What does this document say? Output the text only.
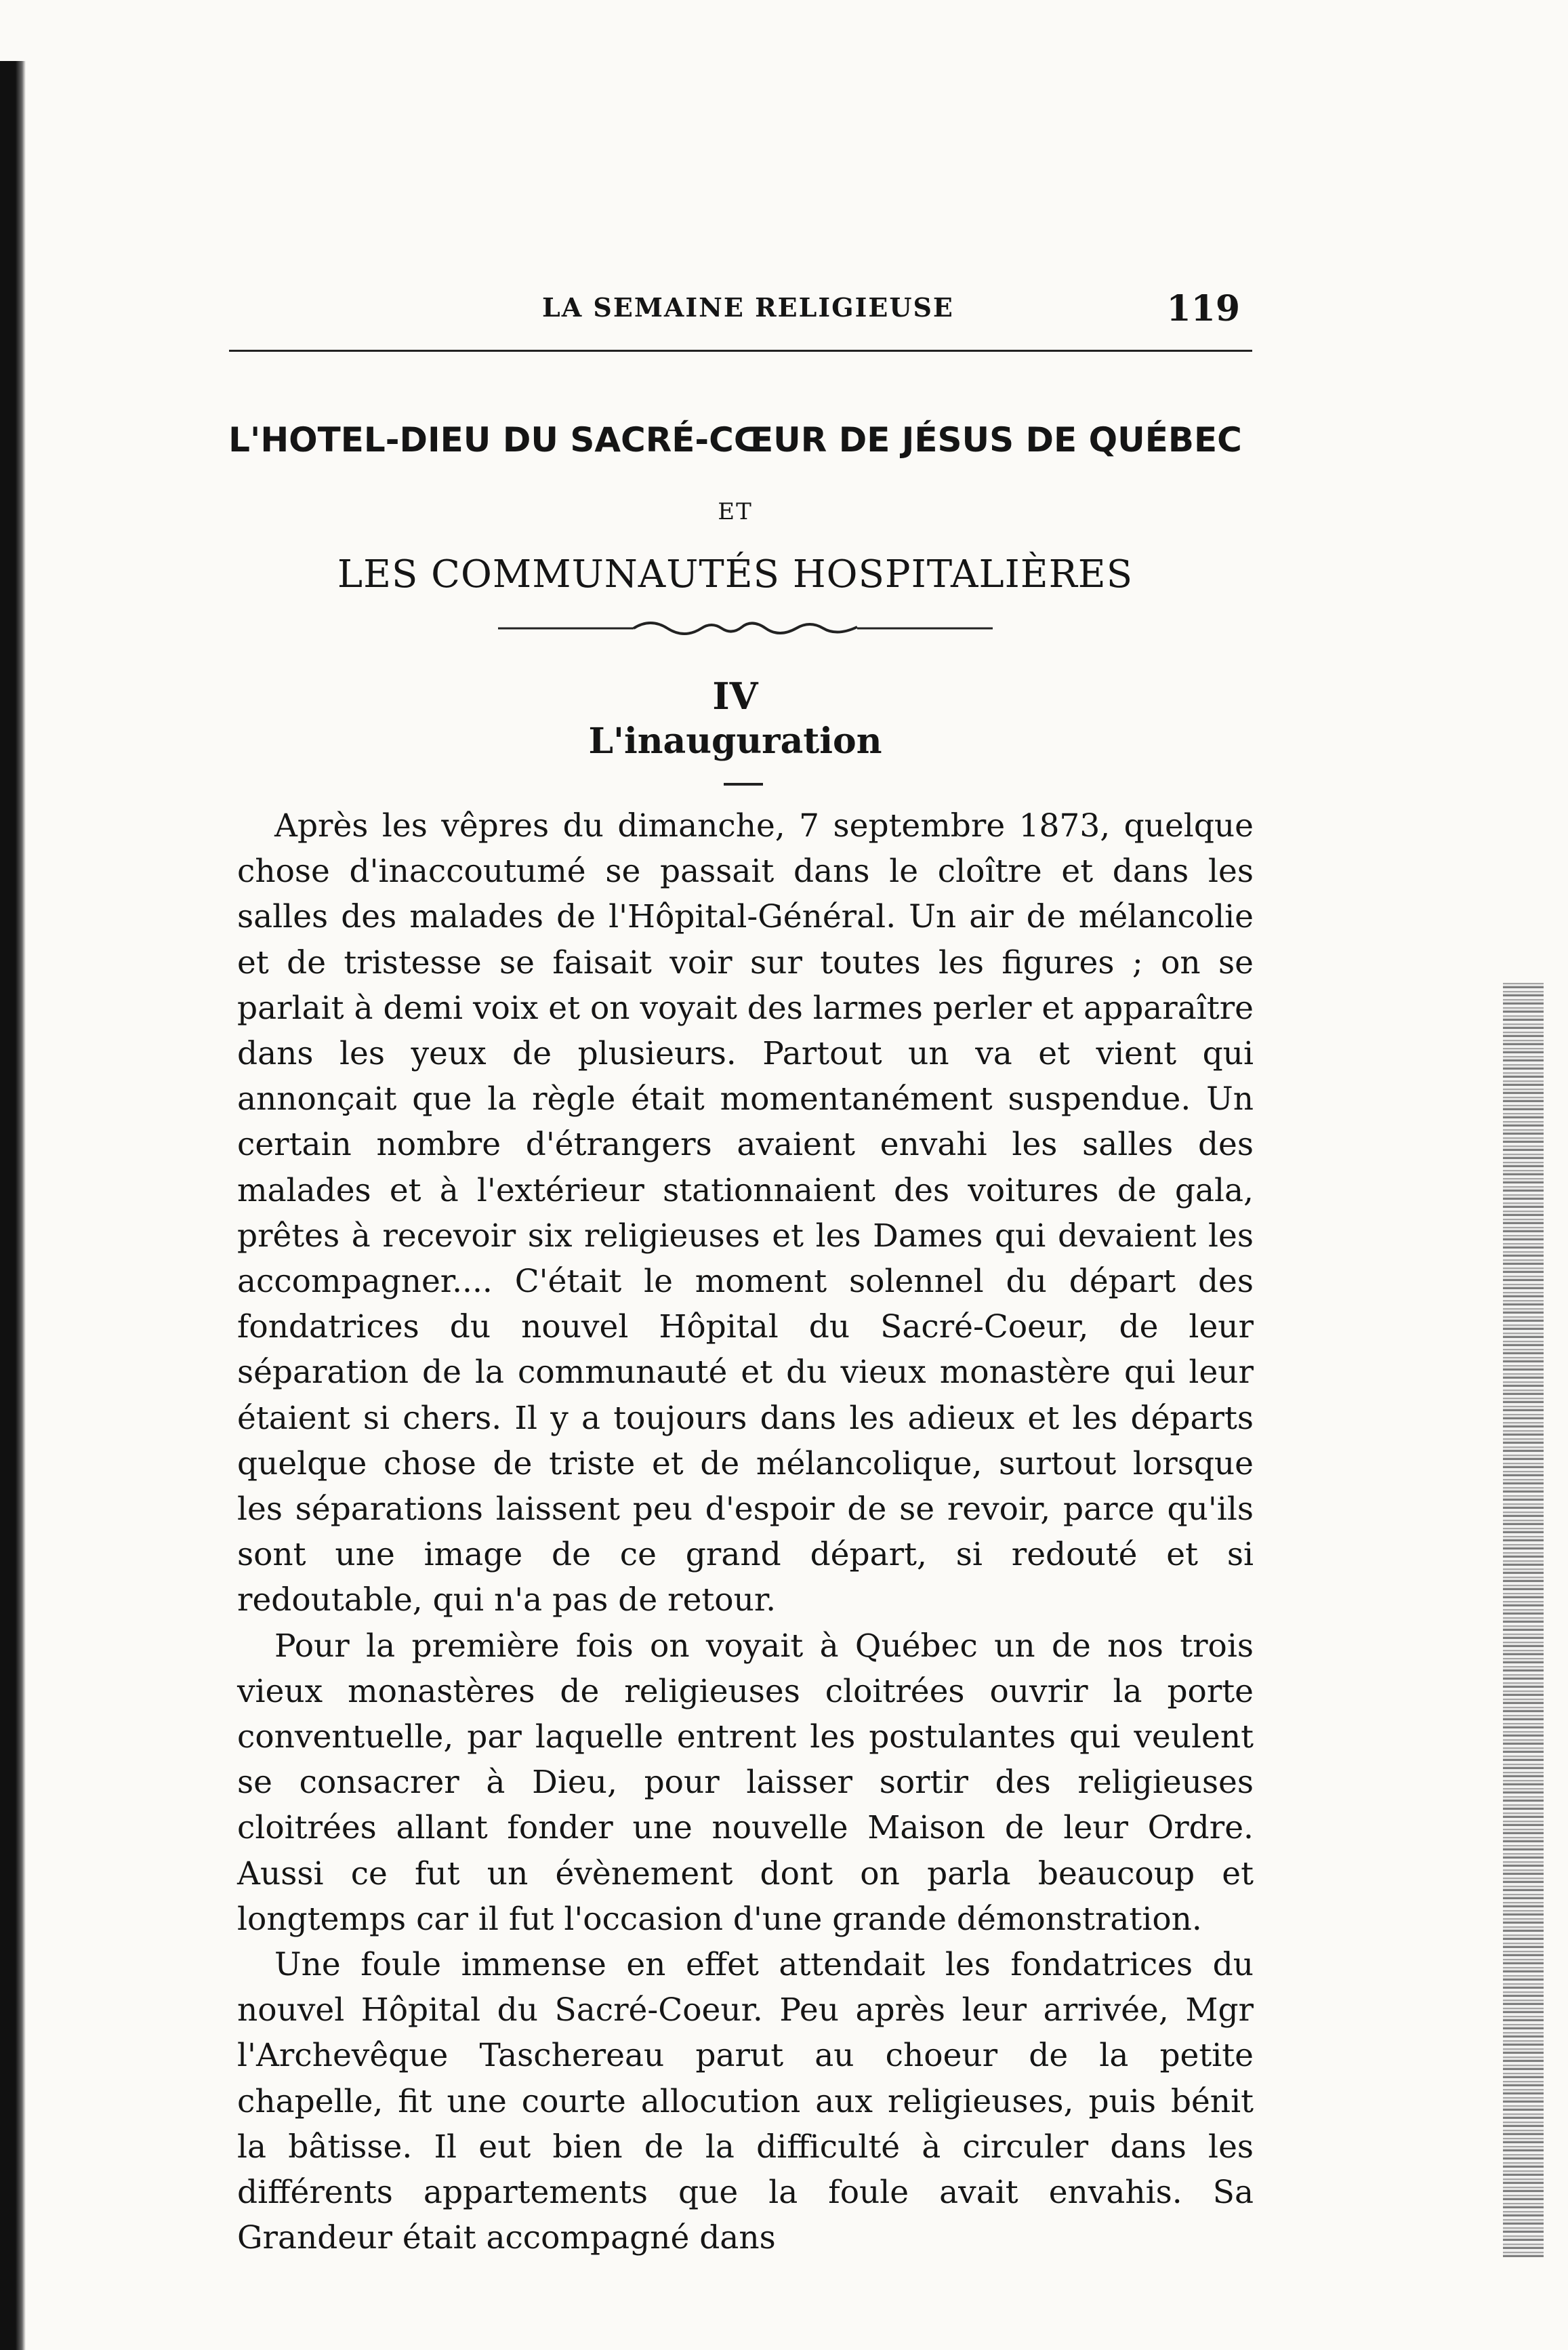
LA SEMAINE RELIGIEUSE	119
L'HOTEL-DIEU DU SACRÉ-CŒUR DE JÉSUS DE QUÉBEC
ET
LES COMMUNAUTÉS HOSPITALIÈRES
IV
L'inauguration

Après les vêpres du dimanche, 7 septembre 1873, quelque chose d'inaccoutumé se passait dans le cloître et dans les salles des malades de l'Hôpital-Général. Un air de mélancolie et de tristesse se faisait voir sur toutes les figures ; on se parlait à demi voix et on voyait des larmes perler et apparaître dans les yeux de plusieurs. Partout un va et vient qui annonçait que la règle était momentanément suspendue. Un certain nombre d'étrangers avaient envahi les salles des malades et à l'extérieur stationnaient des voitures de gala, prêtes à recevoir six religieuses et les Dames qui devaient les accompagner.... C'était le moment solennel du départ des fondatrices du nouvel Hôpital du Sacré-Coeur, de leur séparation de la communauté et du vieux monastère qui leur étaient si chers. Il y a toujours dans les adieux et les départs quelque chose de triste et de mélancolique, surtout lorsque les séparations laissent peu d'espoir de se revoir, parce qu'ils sont une image de ce grand départ, si redouté et si redoutable, qui n'a pas de retour.

Pour la première fois on voyait à Québec un de nos trois vieux monastères de religieuses cloitrées ouvrir la porte conventuelle, par laquelle entrent les postulantes qui veulent se consacrer à Dieu, pour laisser sortir des religieuses cloitrées allant fonder une nouvelle Maison de leur Ordre. Aussi ce fut un évènement dont on parla beaucoup et longtemps car il fut l'occasion d'une grande démonstration.

Une foule immense en effet attendait les fondatrices du nouvel Hôpital du Sacré-Coeur. Peu après leur arrivée, Mgr l'Archevêque Taschereau parut au choeur de la petite chapelle, fit une courte allocution aux religieuses, puis bénit la bâtisse. Il eut bien de la difficulté à circuler dans les différents appartements que la foule avait envahis. Sa Grandeur était accompagné dans
